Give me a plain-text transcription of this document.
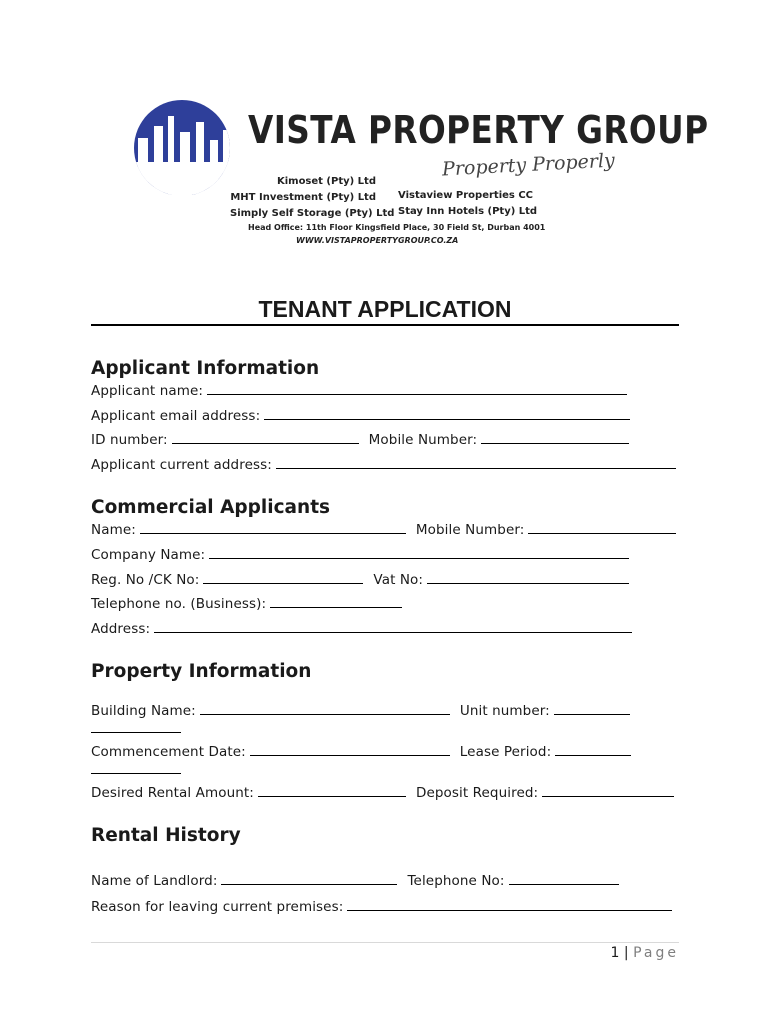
VISTA PROPERTY GROUP
Property Properly
Kimoset (Pty) Ltd
MHT Investment (Pty) Ltd
Simply Self Storage (Pty) Ltd
Vistaview Properties CC
Stay Inn Hotels (Pty) Ltd
Head Office: 11th Floor Kingsfield Place, 30 Field St, Durban 4001
WWW.VISTAPROPERTYGROUP.CO.ZA
TENANT APPLICATION
Applicant Information
Applicant name:
Applicant email address:
ID number:	Mobile Number:
Applicant current address:
Commercial Applicants
Name:	Mobile Number:
Company Name:
Reg. No /CK No:	Vat No:
Telephone no. (Business):
Address:
Property Information
Building Name:	Unit number:
Commencement Date:	Lease Period:
Desired Rental Amount:	Deposit Required:
Rental History
Name of Landlord:	Telephone No:
Reason for leaving current premises:
1 | Page
